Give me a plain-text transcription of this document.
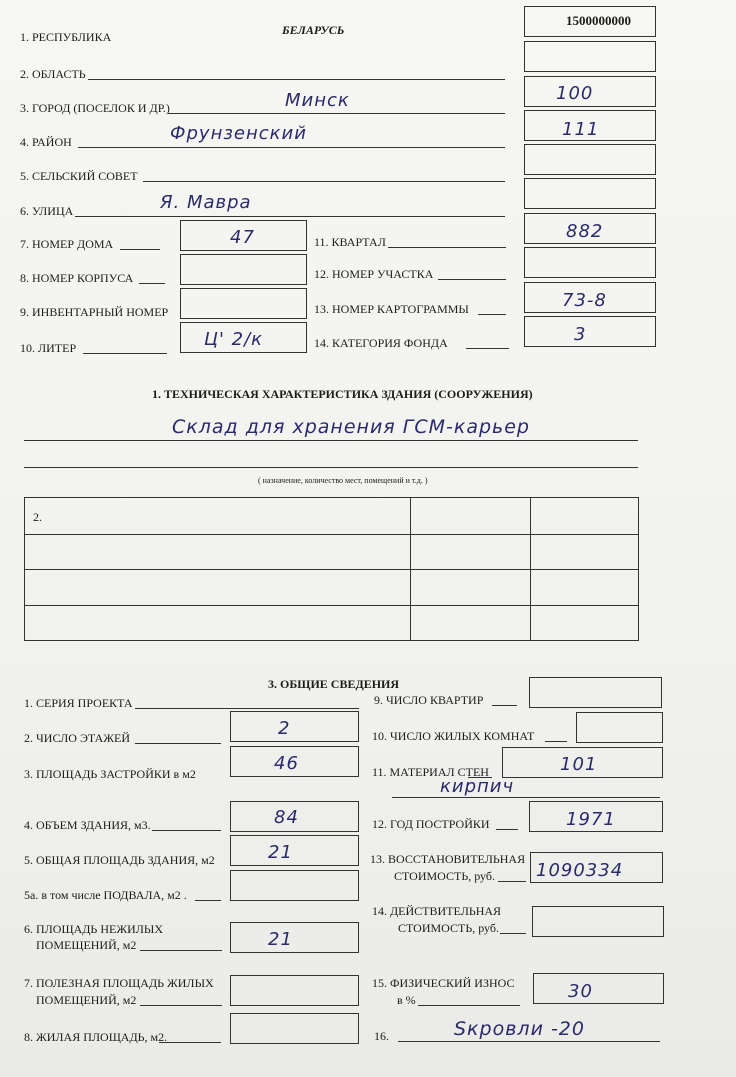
1. РЕСПУБЛИКА	БЕЛАРУСЬ
1500000000
2. ОБЛАСТЬ
3. ГОРОД (ПОСЕЛОК И ДР.)	Минск	100
4. РАЙОН	Фрунзенский	111
5. СЕЛЬСКИЙ СОВЕТ
6. УЛИЦА	Я. Мавра
7. НОМЕР ДОМА	47	11. КВАРТАЛ	882
8. НОМЕР КОРПУСА	12. НОМЕР УЧАСТКА
9. ИНВЕНТАРНЫЙ НОМЕР	13. НОМЕР КАРТОГРАММЫ	73-8
10. ЛИТЕР	Ц' 2/к	14. КАТЕГОРИЯ ФОНДА	3
1. ТЕХНИЧЕСКАЯ ХАРАКТЕРИСТИКА ЗДАНИЯ (СООРУЖЕНИЯ)
Склад для хранения ГСМ-карьер
( назначение, количество мест, помещений и т.д. )
2.
3. ОБЩИЕ СВЕДЕНИЯ
1. СЕРИЯ ПРОЕКТА	9. ЧИСЛО КВАРТИР
2. ЧИСЛО ЭТАЖЕЙ	2	10. ЧИСЛО ЖИЛЫХ КОМНАТ
3. ПЛОЩАДЬ ЗАСТРОЙКИ в м2	46	11. МАТЕРИАЛ СТЕН	101
кирпич
4. ОБЪЕМ ЗДАНИЯ, м3.	84	12. ГОД ПОСТРОЙКИ	1971
5. ОБЩАЯ ПЛОЩАДЬ ЗДАНИЯ, м2	21	13. ВОССТАНОВИТЕЛЬНАЯ
СТОИМОСТЬ, руб. 1090334
5а. в том числе ПОДВАЛА, м2 .
14. ДЕЙСТВИТЕЛЬНАЯ
СТОИМОСТЬ, руб.
6. ПЛОЩАДЬ НЕЖИЛЫХ
ПОМЕЩЕНИЙ, м2	21
7. ПОЛЕЗНАЯ ПЛОЩАДЬ ЖИЛЫХ
ПОМЕЩЕНИЙ, м2
15. ФИЗИЧЕСКИЙ ИЗНОС
в %	30
8. ЖИЛАЯ ПЛОЩАДЬ, м2.	16.	Sкровли -20
